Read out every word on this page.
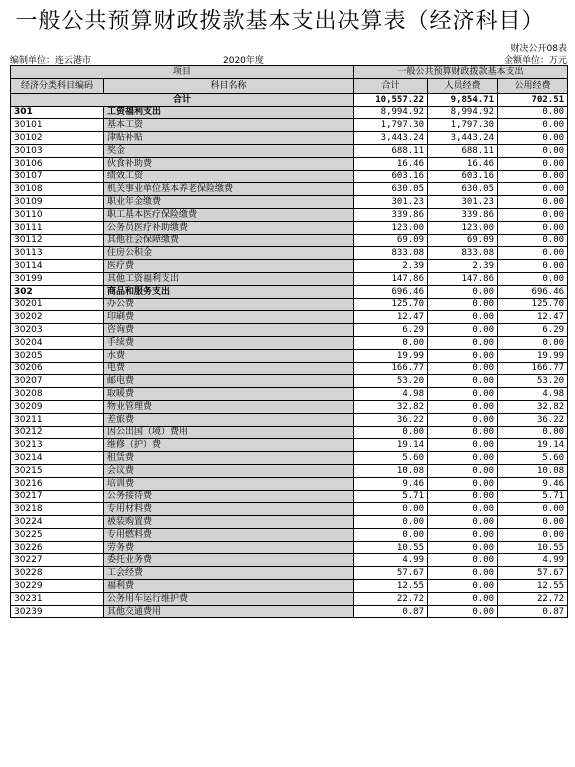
一般公共预算财政拨款基本支出决算表（经济科目）
财决公开08表
编制单位：连云港市	2020年度	金额单位：万元
项目		一般公共预算财政拨款基本支出		
经济分类科目编码	科目名称	合计	人员经费	公用经费
合计		10,557.22	9,854.71	702.51
301	工资福利支出	8,994.92	8,994.92	0.00
30101	基本工资	1,797.30	1,797.30	0.00
30102	津贴补贴	3,443.24	3,443.24	0.00
30103	奖金	688.11	688.11	0.00
30106	伙食补助费	16.46	16.46	0.00
30107	绩效工资	603.16	603.16	0.00
30108	机关事业单位基本养老保险缴费	630.05	630.05	0.00
30109	职业年金缴费	301.23	301.23	0.00
30110	职工基本医疗保险缴费	339.86	339.86	0.00
30111	公务员医疗补助缴费	123.00	123.00	0.00
30112	其他社会保障缴费	69.09	69.09	0.00
30113	住房公积金	833.08	833.08	0.00
30114	医疗费	2.39	2.39	0.00
30199	其他工资福利支出	147.86	147.86	0.00
302	商品和服务支出	696.46	0.00	696.46
30201	办公费	125.70	0.00	125.70
30202	印刷费	12.47	0.00	12.47
30203	咨询费	6.29	0.00	6.29
30204	手续费	0.00	0.00	0.00
30205	水费	19.99	0.00	19.99
30206	电费	166.77	0.00	166.77
30207	邮电费	53.20	0.00	53.20
30208	取暖费	4.98	0.00	4.98
30209	物业管理费	32.82	0.00	32.82
30211	差旅费	36.22	0.00	36.22
30212	因公出国（境）费用	0.00	0.00	0.00
30213	维修（护）费	19.14	0.00	19.14
30214	租赁费	5.60	0.00	5.60
30215	会议费	10.08	0.00	10.08
30216	培训费	9.46	0.00	9.46
30217	公务接待费	5.71	0.00	5.71
30218	专用材料费	0.00	0.00	0.00
30224	被装购置费	0.00	0.00	0.00
30225	专用燃料费	0.00	0.00	0.00
30226	劳务费	10.55	0.00	10.55
30227	委托业务费	4.99	0.00	4.99
30228	工会经费	57.67	0.00	57.67
30229	福利费	12.55	0.00	12.55
30231	公务用车运行维护费	22.72	0.00	22.72
30239	其他交通费用	0.87	0.00	0.87
